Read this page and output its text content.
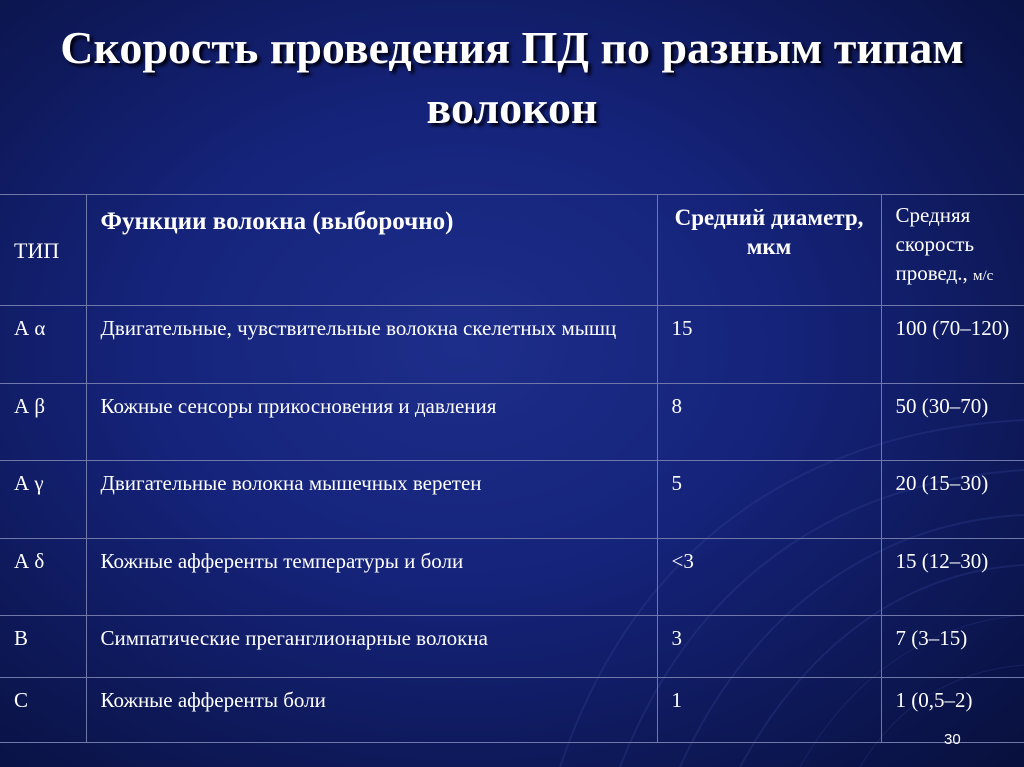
Скорость проведения ПД по разным типам
волокон
ТИП	Функции волокна (выборочно)	Средний диаметр, мкм	Средняя скорость провед., м/с
А α	Двигательные, чувствительные волокна скелетных мышц	15	100 (70–120)
А β	Кожные сенсоры прикосновения и давления	8	50 (30–70)
А γ	Двигательные волокна мышечных веретен	5	20 (15–30)
А δ	Кожные афференты температуры и боли	<3	15 (12–30)
В	Симпатические преганглионарные волокна	3	7 (3–15)
С	Кожные афференты боли	1	1 (0,5–2)
30
